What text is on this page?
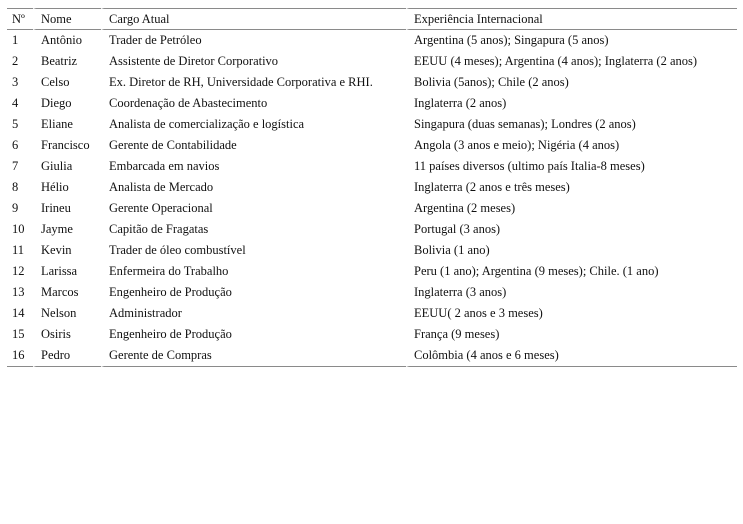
Nº	Nome	Cargo Atual	Experiência Internacional
1	Antônio	Trader de Petróleo	Argentina (5 anos); Singapura (5 anos)
2	Beatriz	Assistente de Diretor Corporativo	EEUU (4 meses); Argentina (4 anos); Inglaterra (2 anos)
3	Celso	Ex. Diretor de RH, Universidade Corporativa e RHI.	Bolivia (5anos); Chile (2 anos)
4	Diego	Coordenação de Abastecimento	Inglaterra (2 anos)
5	Eliane	Analista de comercialização e logística	Singapura (duas semanas); Londres (2 anos)
6	Francisco	Gerente de Contabilidade	Angola (3 anos e meio); Nigéria (4 anos)
7	Giulia	Embarcada em navios	11 países diversos (ultimo país Italia-8 meses)
8	Hélio	Analista de Mercado	Inglaterra (2 anos e três meses)
9	Irineu	Gerente Operacional	Argentina (2 meses)
10	Jayme	Capitão de Fragatas	Portugal (3 anos)
11	Kevin	Trader de óleo combustível	Bolivia (1 ano)
12	Larissa	Enfermeira do Trabalho	Peru (1 ano); Argentina (9 meses); Chile. (1 ano)
13	Marcos	Engenheiro de Produção	Inglaterra (3 anos)
14	Nelson	Administrador	EEUU( 2 anos e 3 meses)
15	Osiris	Engenheiro de Produção	França (9 meses)
16	Pedro	Gerente de Compras	Colômbia (4 anos e 6 meses)
